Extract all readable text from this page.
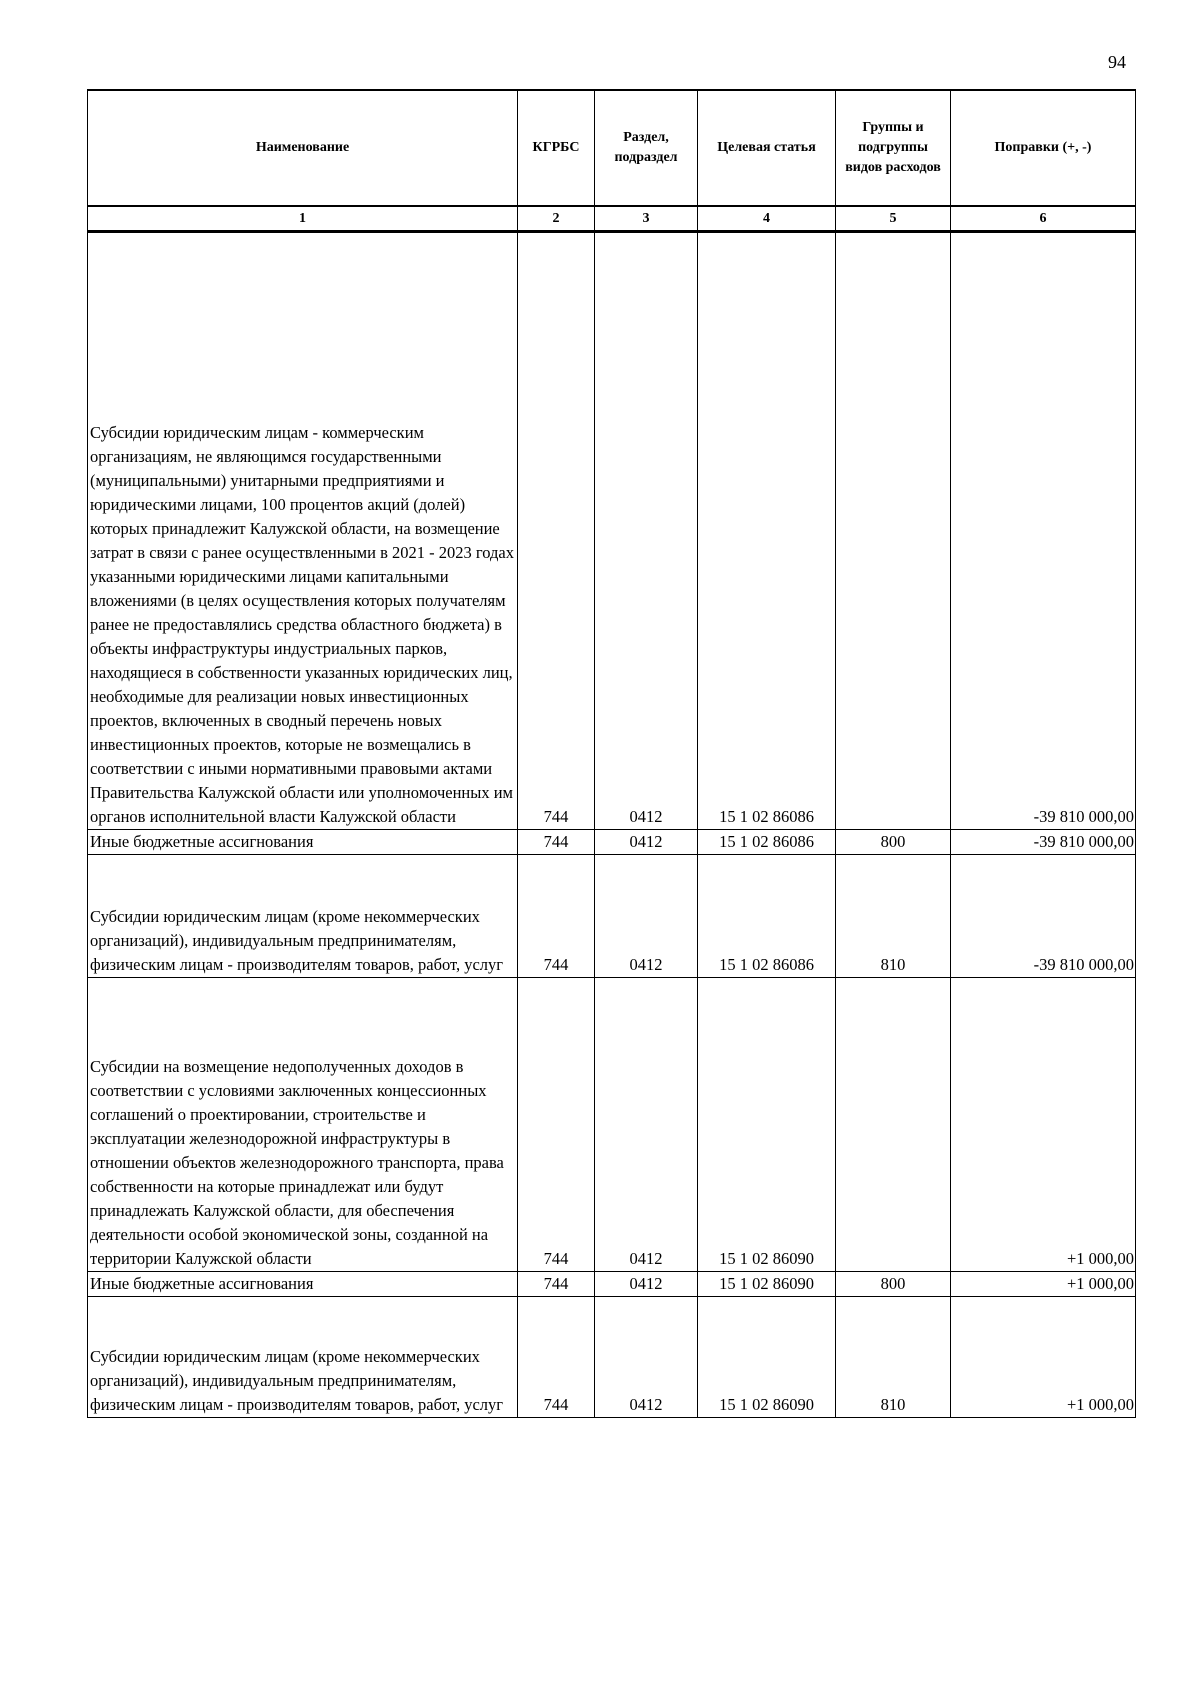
94
Наименование	КГРБС	Раздел, подраздел	Целевая статья	Группы и подгруппы видов расходов	Поправки (+, -)
1	2	3	4	5	6
Субсидии юридическим лицам - коммерческим организациям, не являющимся государственными (муниципальными) унитарными предприятиями и юридическими лицами, 100 процентов акций (долей) которых принадлежит Калужской области, на возмещение затрат в связи с ранее осуществленными в 2021 - 2023 годах указанными юридическими лицами капитальными вложениями (в целях осуществления которых получателям ранее не предоставлялись средства областного бюджета) в объекты инфраструктуры индустриальных парков, находящиеся в собственности указанных юридических лиц, необходимые для реализации новых инвестиционных проектов, включенных в сводный перечень новых инвестиционных проектов, которые не возмещались в соответствии с иными нормативными правовыми актами Правительства Калужской области или уполномоченных им органов исполнительной власти Калужской области	744	0412	15 1 02 86086		-39 810 000,00
Иные бюджетные ассигнования	744	0412	15 1 02 86086	800	-39 810 000,00
Субсидии юридическим лицам (кроме некоммерческих организаций), индивидуальным предпринимателям, физическим лицам - производителям товаров, работ, услуг	744	0412	15 1 02 86086	810	-39 810 000,00
Субсидии на возмещение недополученных доходов в соответствии с условиями заключенных концессионных соглашений о проектировании, строительстве и эксплуатации железнодорожной инфраструктуры в отношении объектов железнодорожного транспорта, права собственности на которые принадлежат или будут принадлежать Калужской области, для обеспечения деятельности особой экономической зоны, созданной на территории Калужской области	744	0412	15 1 02 86090		+1 000,00
Иные бюджетные ассигнования	744	0412	15 1 02 86090	800	+1 000,00
Субсидии юридическим лицам (кроме некоммерческих организаций), индивидуальным предпринимателям, физическим лицам - производителям товаров, работ, услуг	744	0412	15 1 02 86090	810	+1 000,00
